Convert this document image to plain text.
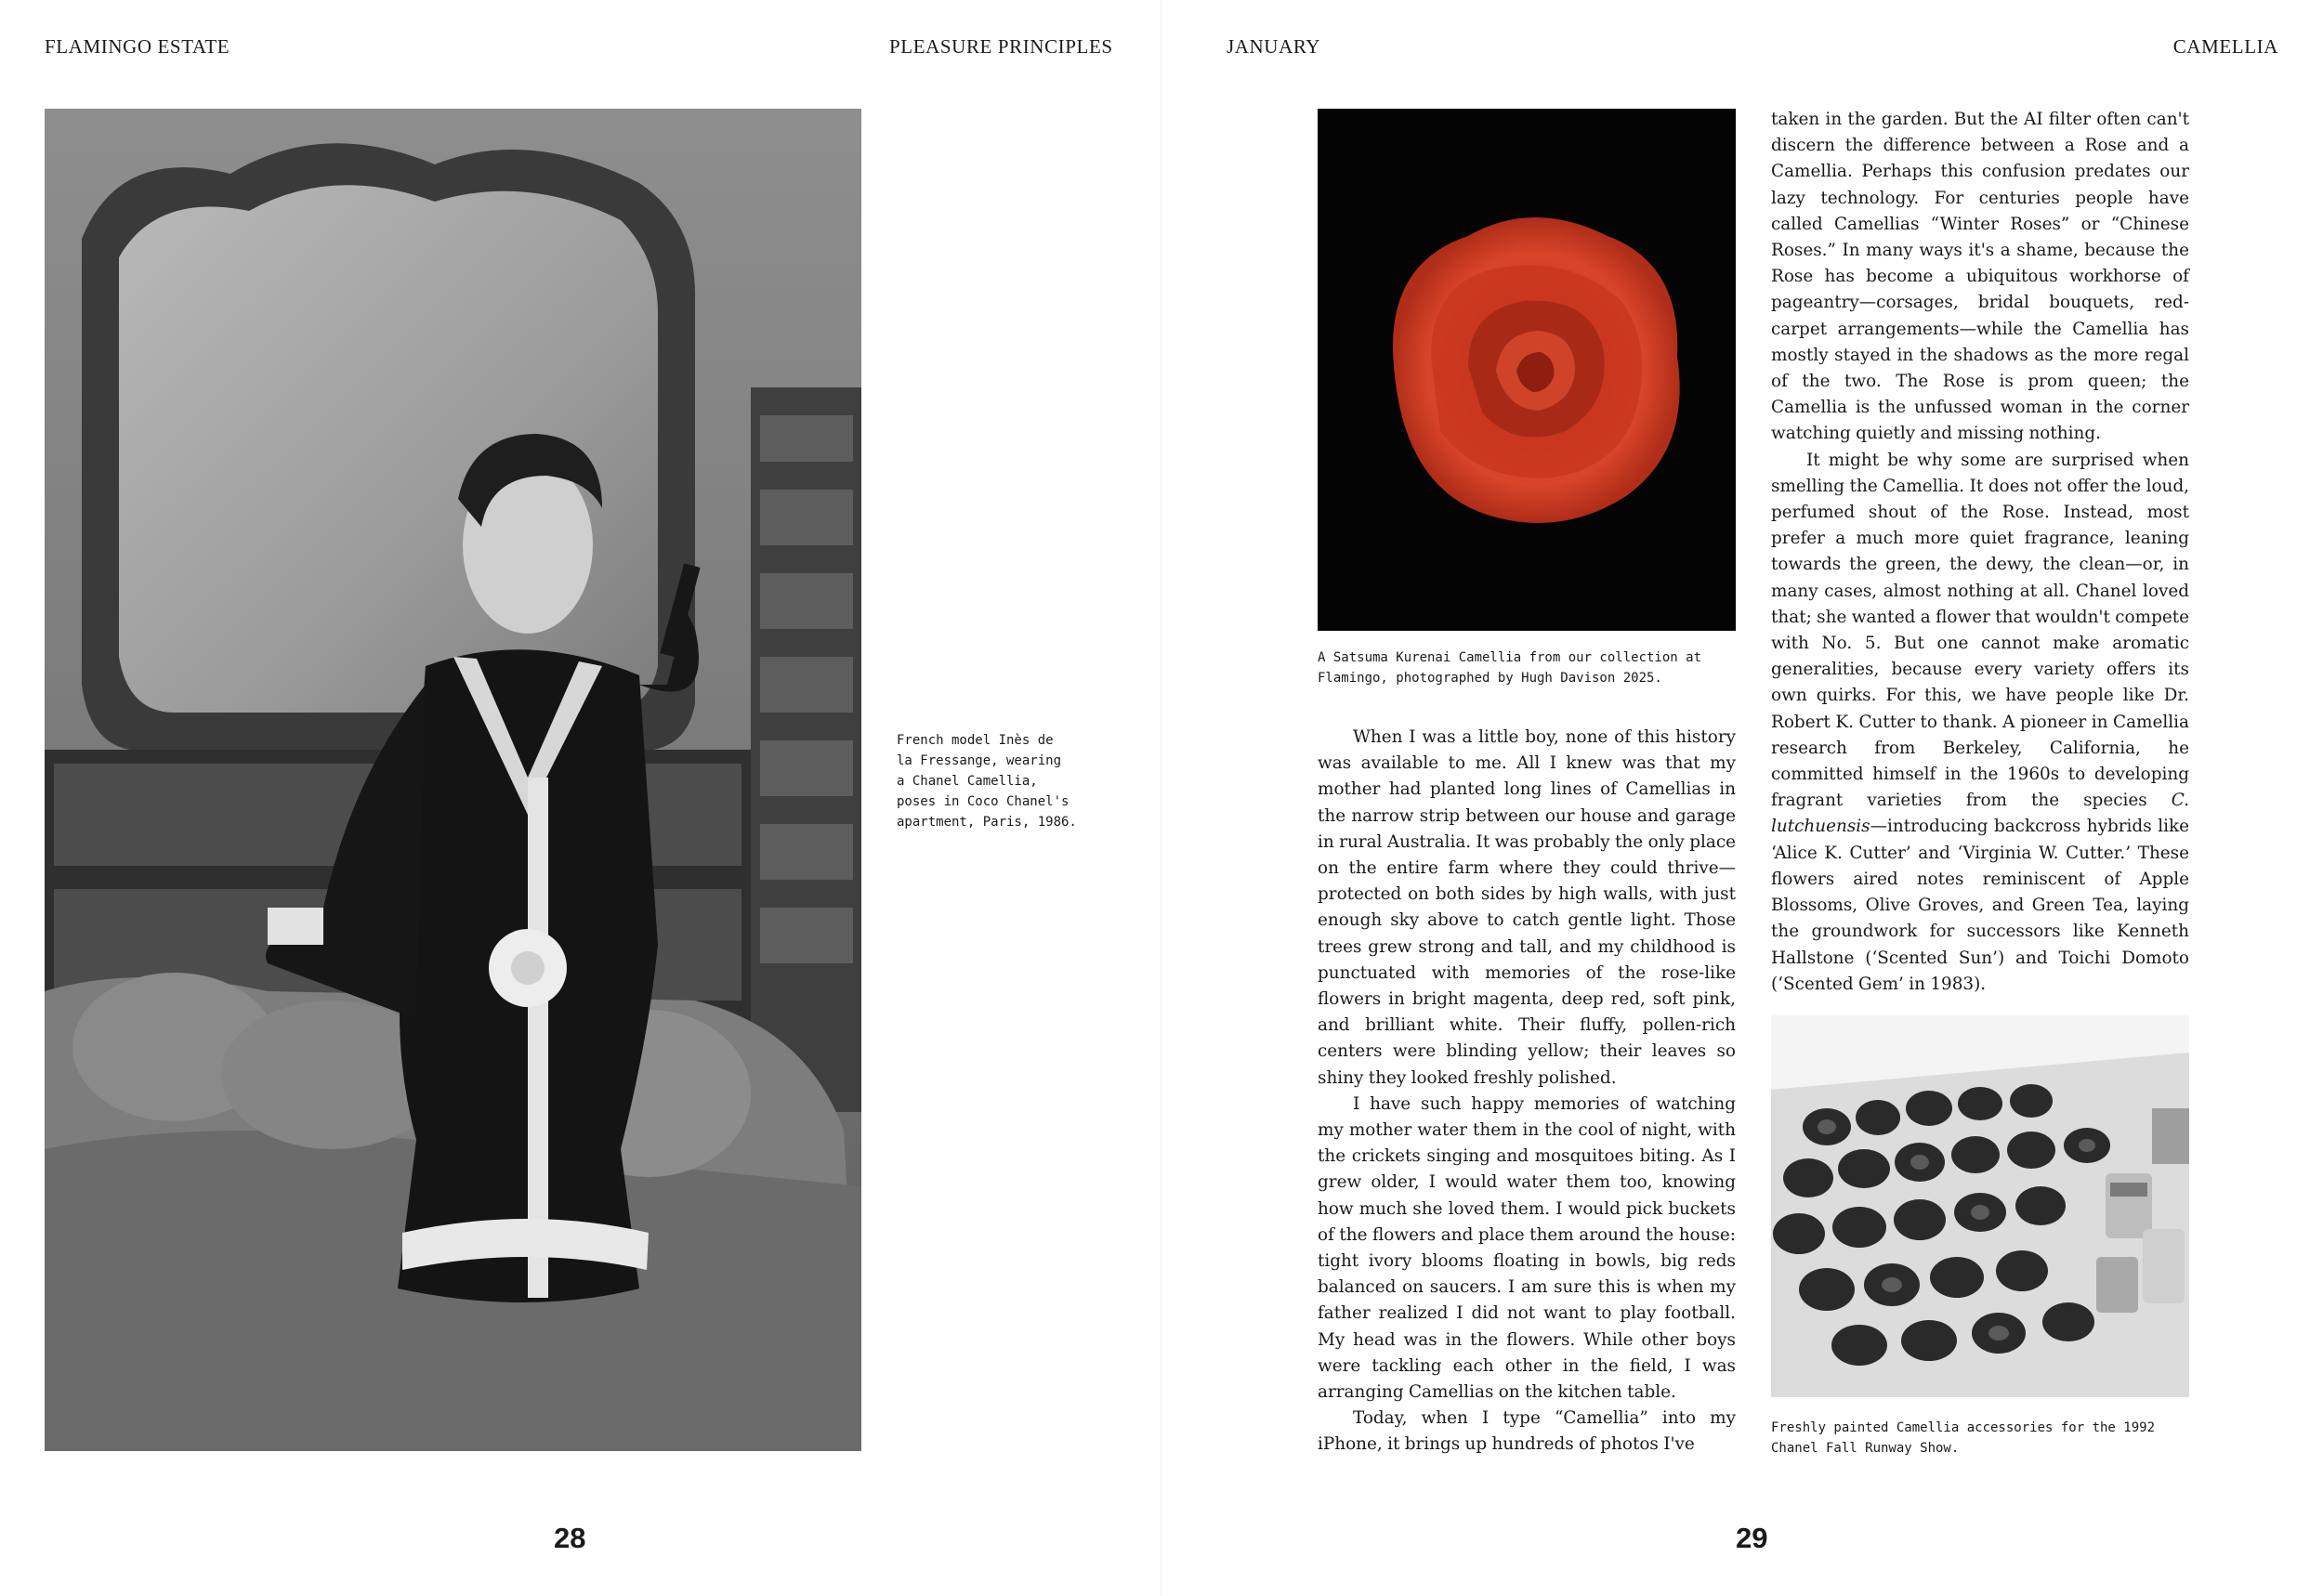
FLAMINGO ESTATE	PLEASURE PRINCIPLES	JANUARY	CAMELLIA
French model Inès de
la Fressange, wearing
a Chanel Camellia,
poses in Coco Chanel's
apartment, Paris, 1986.
28
A Satsuma Kurenai Camellia from our collection at
Flamingo, photographed by Hugh Davison 2025.

When I was a little boy, none of this history was available to me. All I knew was that my mother had planted long lines of Camellias in the narrow strip between our house and garage in rural Australia. It was probably the only place on the entire farm where they could thrive—protected on both sides by high walls, with just enough sky above to catch gentle light. Those trees grew strong and tall, and my childhood is punctuated with memories of the rose-like flowers in bright magenta, deep red, soft pink, and brilliant white. Their fluffy, pollen-rich centers were blinding yellow; their leaves so shiny they looked freshly polished.

I have such happy memories of watching my mother water them in the cool of night, with the crickets singing and mosquitoes biting. As I grew older, I would water them too, knowing how much she loved them. I would pick buckets of the flowers and place them around the house: tight ivory blooms floating in bowls, big reds balanced on saucers. I am sure this is when my father realized I did not want to play football. My head was in the flowers. While other boys were tackling each other in the field, I was arranging Camellias on the kitchen table.

Today, when I type “Camellia” into my iPhone, it brings up hundreds of photos I've

taken in the garden. But the AI filter often can't discern the difference between a Rose and a Camellia. Perhaps this confusion predates our lazy technology. For centuries people have called Camellias “Winter Roses” or “Chinese Roses.” In many ways it's a shame, because the Rose has become a ubiquitous workhorse of pageantry—corsages, bridal bouquets, red-carpet arrangements—while the Camellia has mostly stayed in the shadows as the more regal of the two. The Rose is prom queen; the Camellia is the unfussed woman in the corner watching quietly and missing nothing.

It might be why some are surprised when smelling the Camellia. It does not offer the loud, perfumed shout of the Rose. Instead, most prefer a much more quiet fragrance, leaning towards the green, the dewy, the clean—or, in many cases, almost nothing at all. Chanel loved that; she wanted a flower that wouldn't compete with No. 5. But one cannot make aromatic generalities, because every variety offers its own quirks. For this, we have people like Dr. Robert K. Cutter to thank. A pioneer in Camellia research from Berkeley, California, he committed himself in the 1960s to developing fragrant varieties from the species C. lutchuensis—introducing backcross hybrids like ‘Alice K. Cutter’ and ‘Virginia W. Cutter.’ These flowers aired notes reminiscent of Apple Blossoms, Olive Groves, and Green Tea, laying the groundwork for successors like Kenneth Hallstone (‘Scented Sun’) and Toichi Domoto (‘Scented Gem’ in 1983).

Freshly painted Camellia accessories for the 1992
Chanel Fall Runway Show.
29
